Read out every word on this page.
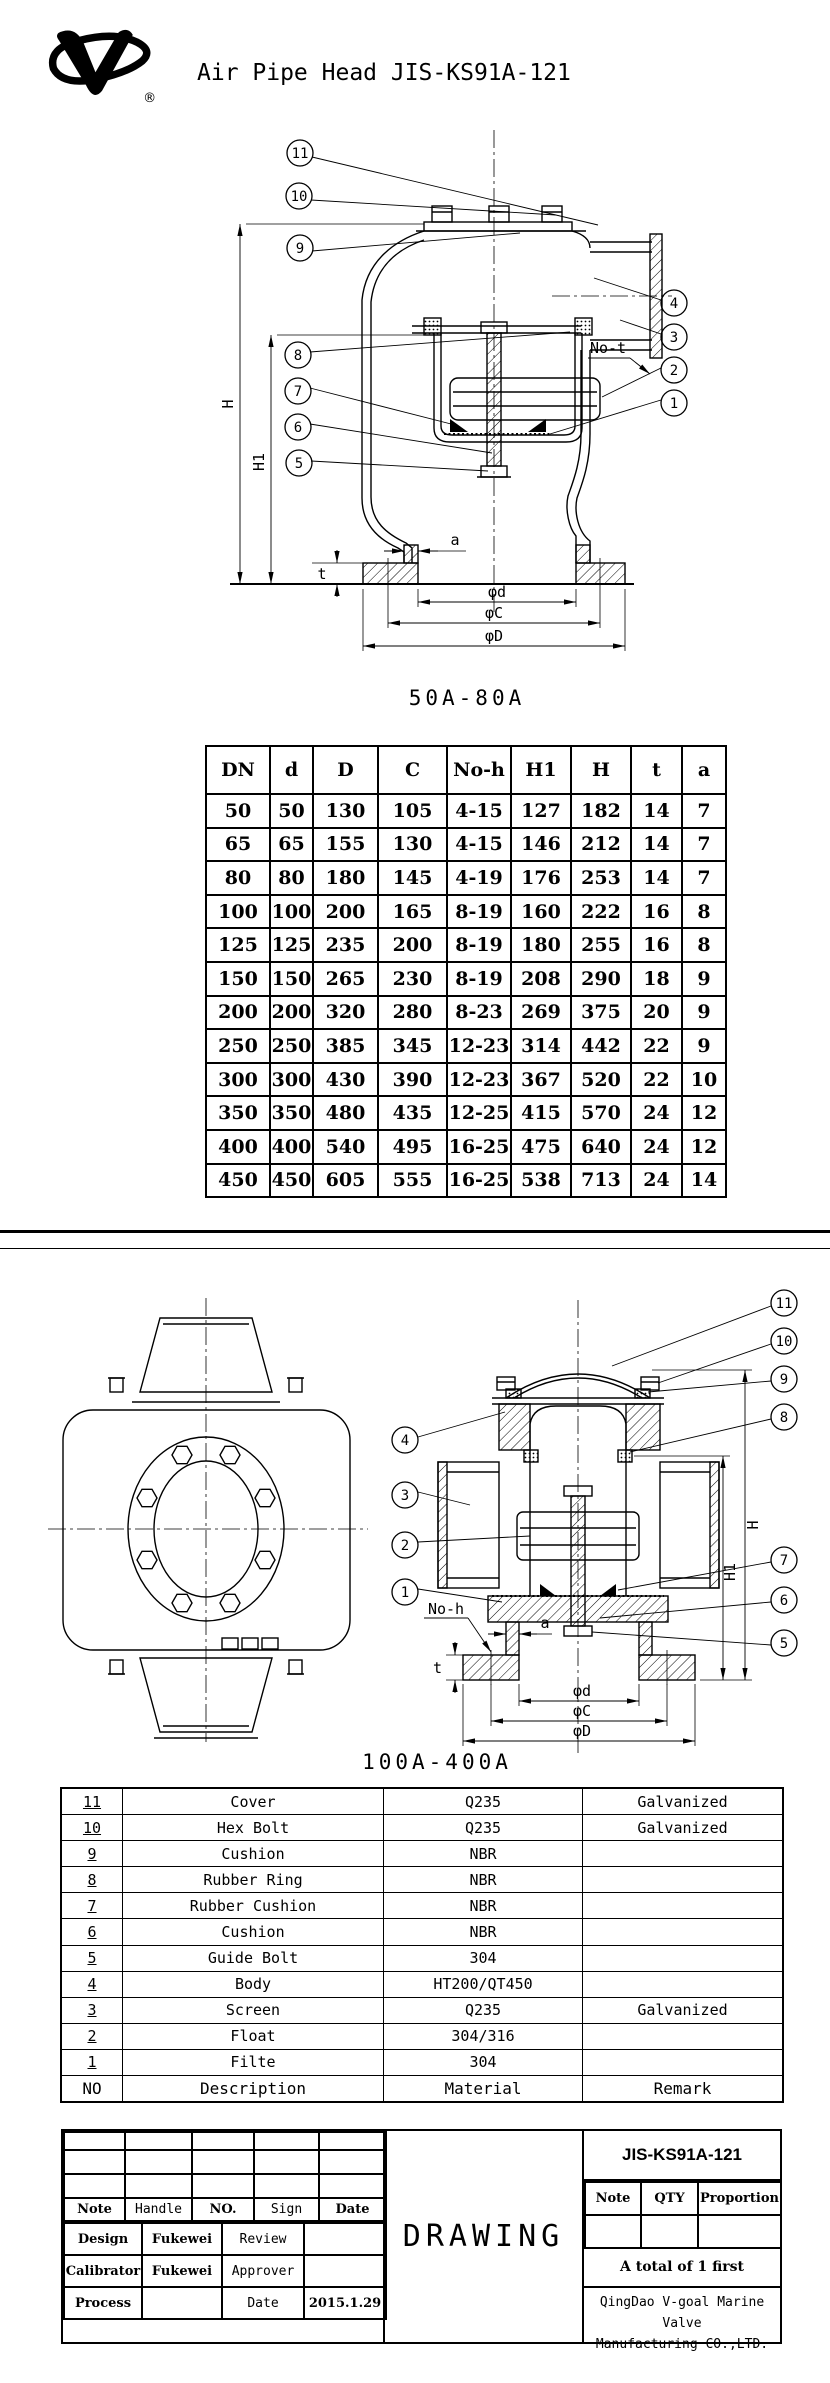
®
Air Pipe Head JIS-KS91A-121
H
H1
t
a
No-t
φd
φC
φD
11
10
9
8
7
6
5
4
3
2
1
50A-80A
DN	d	D	C	No-h	H1	H	t	a
50	50	130	105	4-15	127	182	14	7
65	65	155	130	4-15	146	212	14	7
80	80	180	145	4-19	176	253	14	7
100	100	200	165	8-19	160	222	16	8
125	125	235	200	8-19	180	255	16	8
150	150	265	230	8-19	208	290	18	9
200	200	320	280	8-23	269	375	20	9
250	250	385	345	12-23	314	442	22	9
300	300	430	390	12-23	367	520	22	10
350	350	480	435	12-25	415	570	24	12
400	400	540	495	16-25	475	640	24	12
450	450	605	555	16-25	538	713	24	14
H
H1
No-h
a
t
φd
φC
φD
11
10
9
8
7
6
5
4
3
2
1
100A-400A
11	Cover	Q235	Galvanized
10	Hex Bolt	Q235	Galvanized
9	Cushion	NBR	
8	Rubber Ring	NBR	
7	Rubber Cushion	NBR	
6	Cushion	NBR	
5	Guide Bolt	304	
4	Body	HT200/QT450	
3	Screen	Q235	Galvanized
2	Float	304/316	
1	Filte	304	
NO	Description	Material	Remark

Note	Handle	NO.	Sign	Date
Design	Fukewei	Review	
Calibrator	Fukewei	Approver	
Process		Date	2015.1.29
DRAWING
JIS-KS91A-121
Note	QTY	Proportion

A total of 1 first
QingDao V-goal Marine Valve
Manufacturing CO.,LTD.
